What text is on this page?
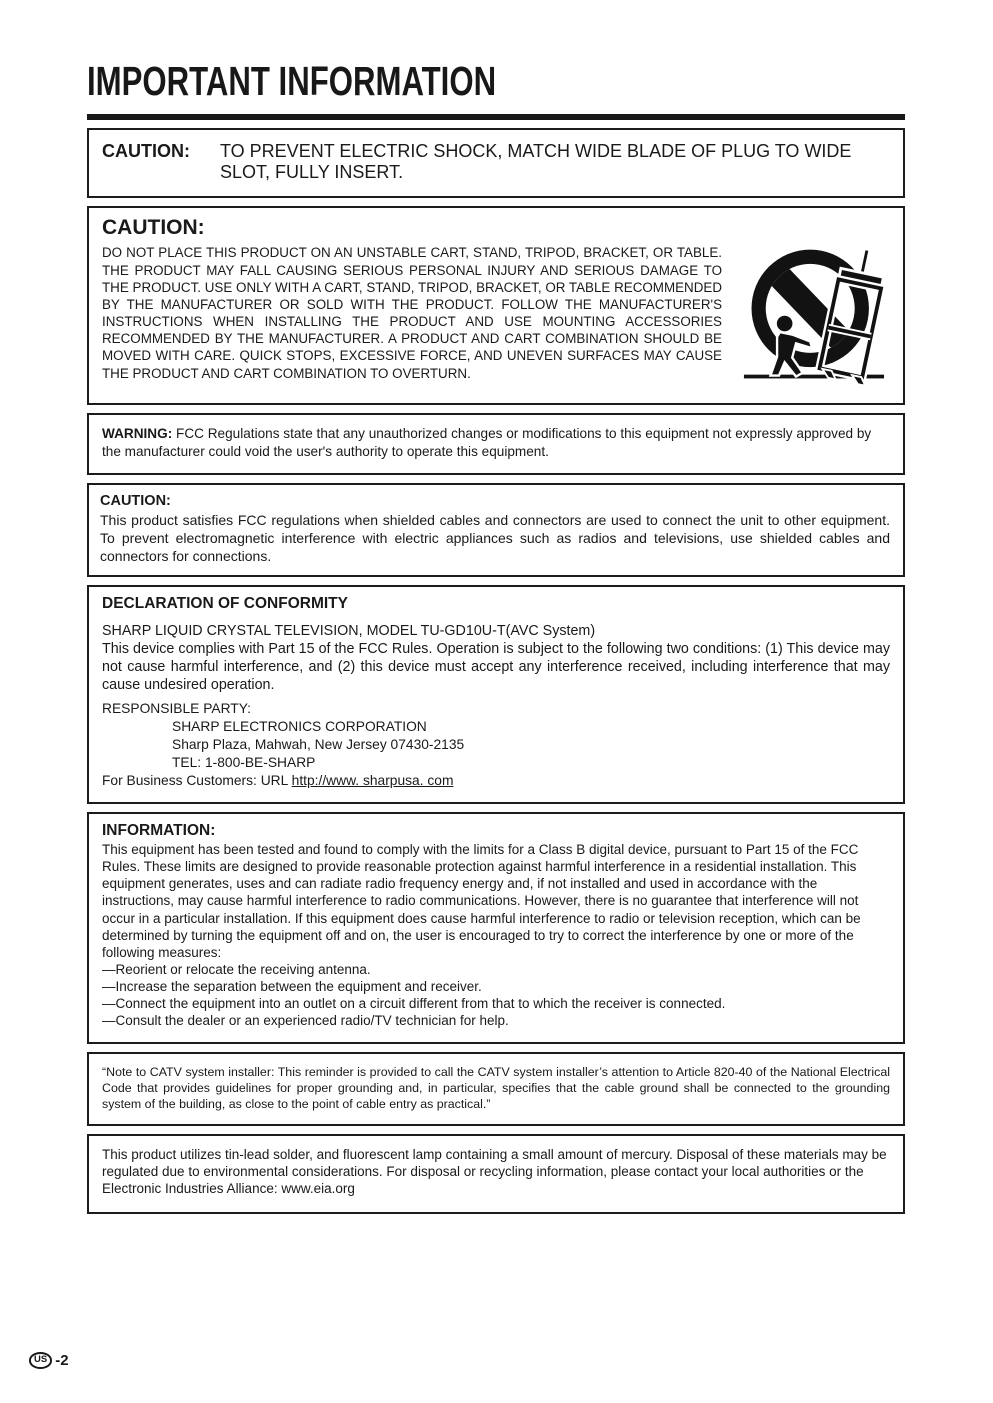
IMPORTANT INFORMATION
CAUTION:	TO PREVENT ELECTRIC SHOCK, MATCH WIDE BLADE OF PLUG TO WIDE SLOT, FULLY INSERT.
CAUTION:
DO NOT PLACE THIS PRODUCT ON AN UNSTABLE CART, STAND, TRIPOD, BRACKET, OR TABLE. THE PRODUCT MAY FALL CAUSING SERIOUS PERSONAL INJURY AND SERIOUS DAMAGE TO THE PRODUCT. USE ONLY WITH A CART, STAND, TRIPOD, BRACKET, OR TABLE RECOMMENDED BY THE MANUFACTURER OR SOLD WITH THE PRODUCT. FOLLOW THE MANUFACTURER'S INSTRUCTIONS WHEN INSTALLING THE PRODUCT AND USE MOUNTING ACCESSORIES RECOMMENDED BY THE MANUFACTURER. A PRODUCT AND CART COMBINATION SHOULD BE MOVED WITH CARE. QUICK STOPS, EXCESSIVE FORCE, AND UNEVEN SURFACES MAY CAUSE THE PRODUCT AND CART COMBINATION TO OVERTURN.
WARNING: FCC Regulations state that any unauthorized changes or modifications to this equipment not expressly approved by the manufacturer could void the user's authority to operate this equipment.
CAUTION:
This product satisfies FCC regulations when shielded cables and connectors are used to connect the unit to other equipment. To prevent electromagnetic interference with electric appliances such as radios and televisions, use shielded cables and connectors for connections.
DECLARATION OF CONFORMITY
SHARP LIQUID CRYSTAL TELEVISION, MODEL TU-GD10U-T(AVC System)
This device complies with Part 15 of the FCC Rules. Operation is subject to the following two conditions: (1) This device may not cause harmful interference, and (2) this device must accept any interference received, including interference that may cause undesired operation.
RESPONSIBLE PARTY:
SHARP ELECTRONICS CORPORATION
Sharp Plaza, Mahwah, New Jersey 07430-2135
TEL: 1-800-BE-SHARP
For Business Customers: URL http://www. sharpusa. com
INFORMATION:
This equipment has been tested and found to comply with the limits for a Class B digital device, pursuant to Part 15 of the FCC Rules. These limits are designed to provide reasonable protection against harmful interference in a residential installation. This equipment generates, uses and can radiate radio frequency energy and, if not installed and used in accordance with the instructions, may cause harmful interference to radio communications. However, there is no guarantee that interference will not occur in a particular installation. If this equipment does cause harmful interference to radio or television reception, which can be determined by turning the equipment off and on, the user is encouraged to try to correct the interference by one or more of the following measures:
—Reorient or relocate the receiving antenna.
—Increase the separation between the equipment and receiver.
—Connect the equipment into an outlet on a circuit different from that to which the receiver is connected.
—Consult the dealer or an experienced radio/TV technician for help.
“Note to CATV system installer: This reminder is provided to call the CATV system installer’s attention to Article 820-40 of the National Electrical Code that provides guidelines for proper grounding and, in particular, specifies that the cable ground shall be connected to the grounding system of the building, as close to the point of cable entry as practical.”
This product utilizes tin-lead solder, and fluorescent lamp containing a small amount of mercury. Disposal of these materials may be regulated due to environmental considerations. For disposal or recycling information, please contact your local authorities or the Electronic Industries Alliance: www.eia.org
US -2
